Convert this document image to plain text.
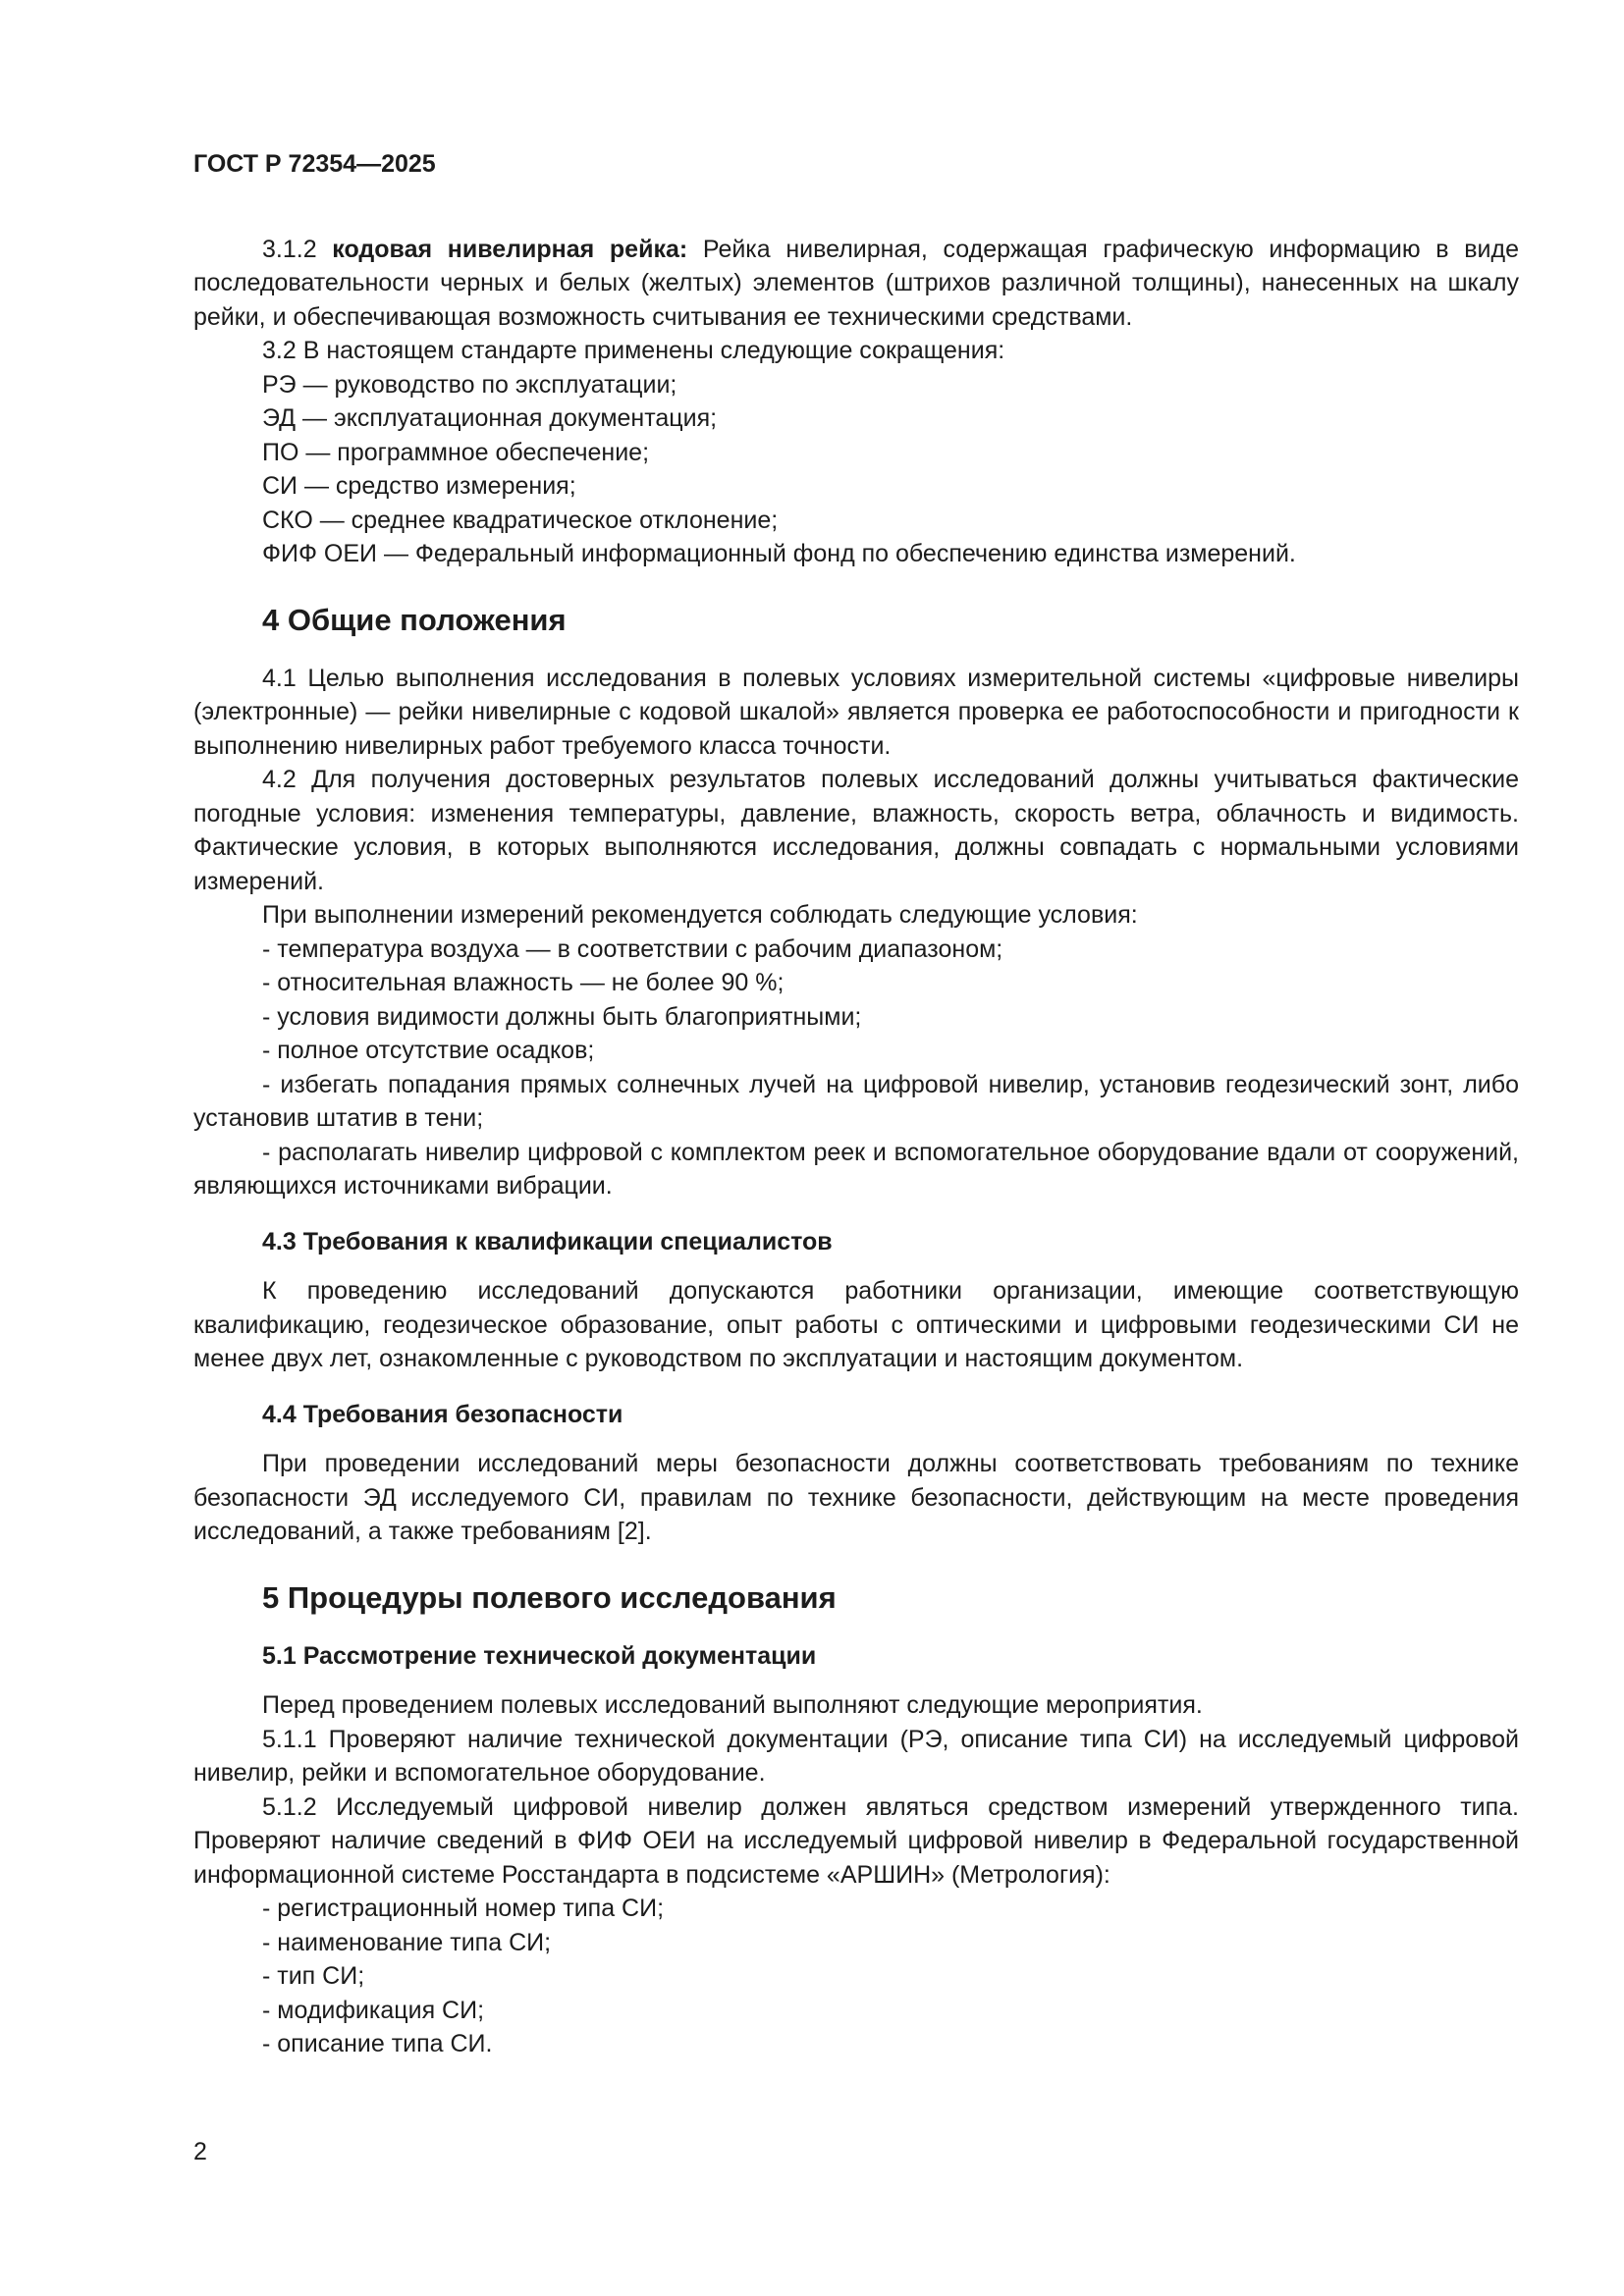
ГОСТ Р 72354—2025

3.1.2 кодовая нивелирная рейка: Рейка нивелирная, содержащая графическую информацию в виде последовательности черных и белых (желтых) элементов (штрихов различной толщины), нанесенных на шкалу рейки, и обеспечивающая возможность считывания ее техническими средствами.

3.2 В настоящем стандарте применены следующие сокращения:

РЭ — руководство по эксплуатации;

ЭД — эксплуатационная документация;

ПО — программное обеспечение;

СИ — средство измерения;

СКО — среднее квадратическое отклонение;

ФИФ ОЕИ — Федеральный информационный фонд по обеспечению единства измерений.

4 Общие положения

4.1 Целью выполнения исследования в полевых условиях измерительной системы «цифровые нивелиры (электронные) — рейки нивелирные с кодовой шкалой» является проверка ее работоспособности и пригодности к выполнению нивелирных работ требуемого класса точности.

4.2 Для получения достоверных результатов полевых исследований должны учитываться фактические погодные условия: изменения температуры, давление, влажность, скорость ветра, облачность и видимость. Фактические условия, в которых выполняются исследования, должны совпадать с нормальными условиями измерений.

При выполнении измерений рекомендуется соблюдать следующие условия:

- температура воздуха — в соответствии с рабочим диапазоном;

- относительная влажность — не более 90 %;

- условия видимости должны быть благоприятными;

- полное отсутствие осадков;

- избегать попадания прямых солнечных лучей на цифровой нивелир, установив геодезический зонт, либо установив штатив в тени;

- располагать нивелир цифровой с комплектом реек и вспомогательное оборудование вдали от сооружений, являющихся источниками вибрации.

4.3 Требования к квалификации специалистов

К проведению исследований допускаются работники организации, имеющие соответствующую квалификацию, геодезическое образование, опыт работы с оптическими и цифровыми геодезическими СИ не менее двух лет, ознакомленные с руководством по эксплуатации и настоящим документом.

4.4 Требования безопасности

При проведении исследований меры безопасности должны соответствовать требованиям по технике безопасности ЭД исследуемого СИ, правилам по технике безопасности, действующим на месте проведения исследований, а также требованиям [2].

5 Процедуры полевого исследования
5.1 Рассмотрение технической документации

Перед проведением полевых исследований выполняют следующие мероприятия.

5.1.1 Проверяют наличие технической документации (РЭ, описание типа СИ) на исследуемый цифровой нивелир, рейки и вспомогательное оборудование.

5.1.2 Исследуемый цифровой нивелир должен являться средством измерений утвержденного типа. Проверяют наличие сведений в ФИФ ОЕИ на исследуемый цифровой нивелир в Федеральной государственной информационной системе Росстандарта в подсистеме «АРШИН» (Метрология):

- регистрационный номер типа СИ;

- наименование типа СИ;

- тип СИ;

- модификация СИ;

- описание типа СИ.

2
